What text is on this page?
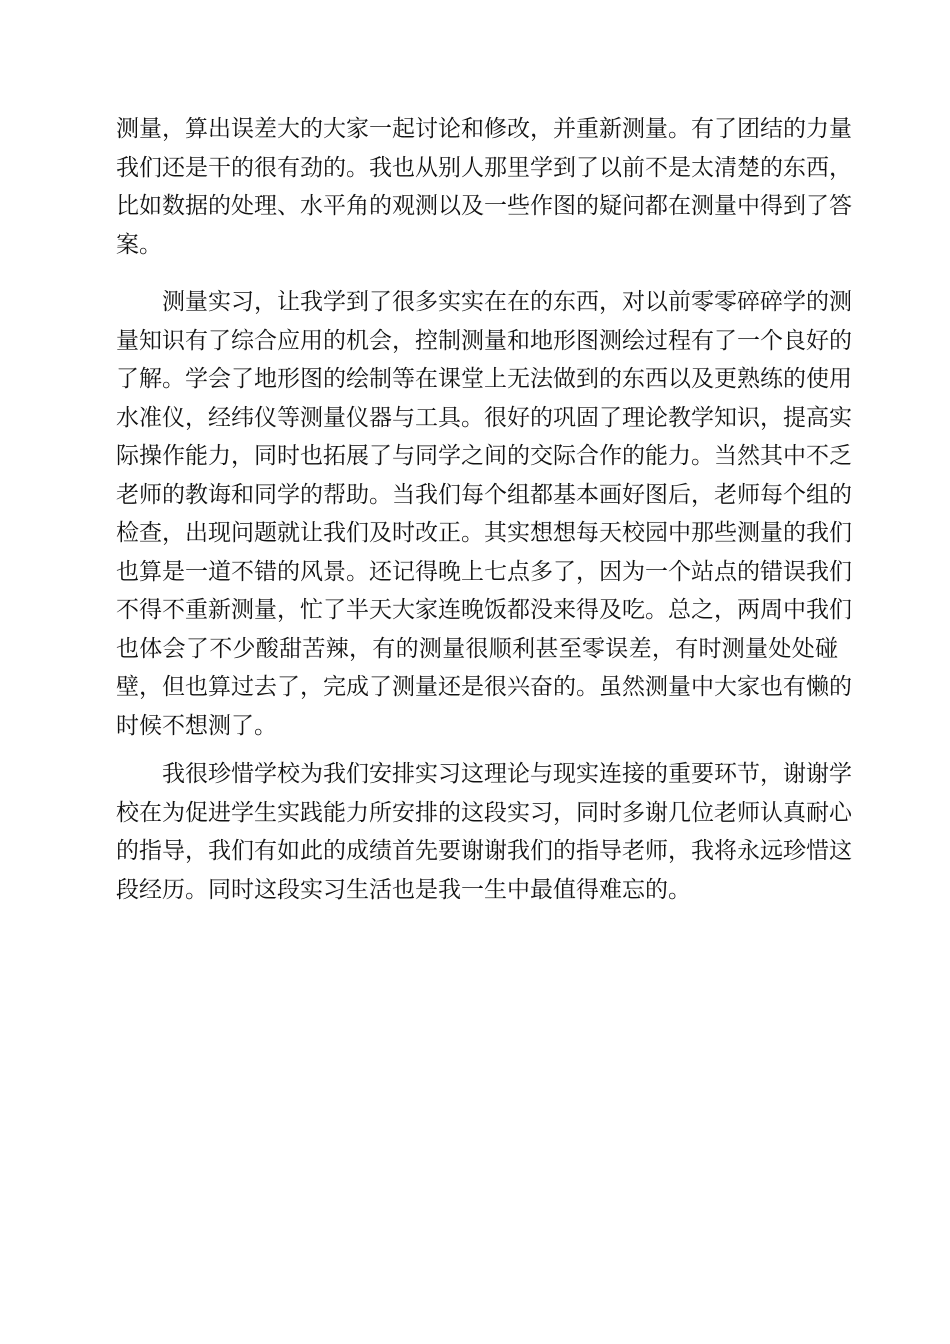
测量，算出误差大的大家一起讨论和修改，并重新测量。有了团结的力量
我们还是干的很有劲的。我也从别人那里学到了以前不是太清楚的东西，
比如数据的处理、水平角的观测以及一些作图的疑问都在测量中得到了答
案。
测量实习，让我学到了很多实实在在的东西，对以前零零碎碎学的测
量知识有了综合应用的机会，控制测量和地形图测绘过程有了一个良好的
了解。学会了地形图的绘制等在课堂上无法做到的东西以及更熟练的使用
水准仪，经纬仪等测量仪器与工具。很好的巩固了理论教学知识，提高实
际操作能力，同时也拓展了与同学之间的交际合作的能力。当然其中不乏
老师的教诲和同学的帮助。当我们每个组都基本画好图后，老师每个组的
检查，出现问题就让我们及时改正。其实想想每天校园中那些测量的我们
也算是一道不错的风景。还记得晚上七点多了，因为一个站点的错误我们
不得不重新测量，忙了半天大家连晚饭都没来得及吃。总之，两周中我们
也体会了不少酸甜苦辣，有的测量很顺利甚至零误差，有时测量处处碰
壁，但也算过去了，完成了测量还是很兴奋的。虽然测量中大家也有懒的
时候不想测了。
我很珍惜学校为我们安排实习这理论与现实连接的重要环节，谢谢学
校在为促进学生实践能力所安排的这段实习，同时多谢几位老师认真耐心
的指导，我们有如此的成绩首先要谢谢我们的指导老师，我将永远珍惜这
段经历。同时这段实习生活也是我一生中最值得难忘的。
